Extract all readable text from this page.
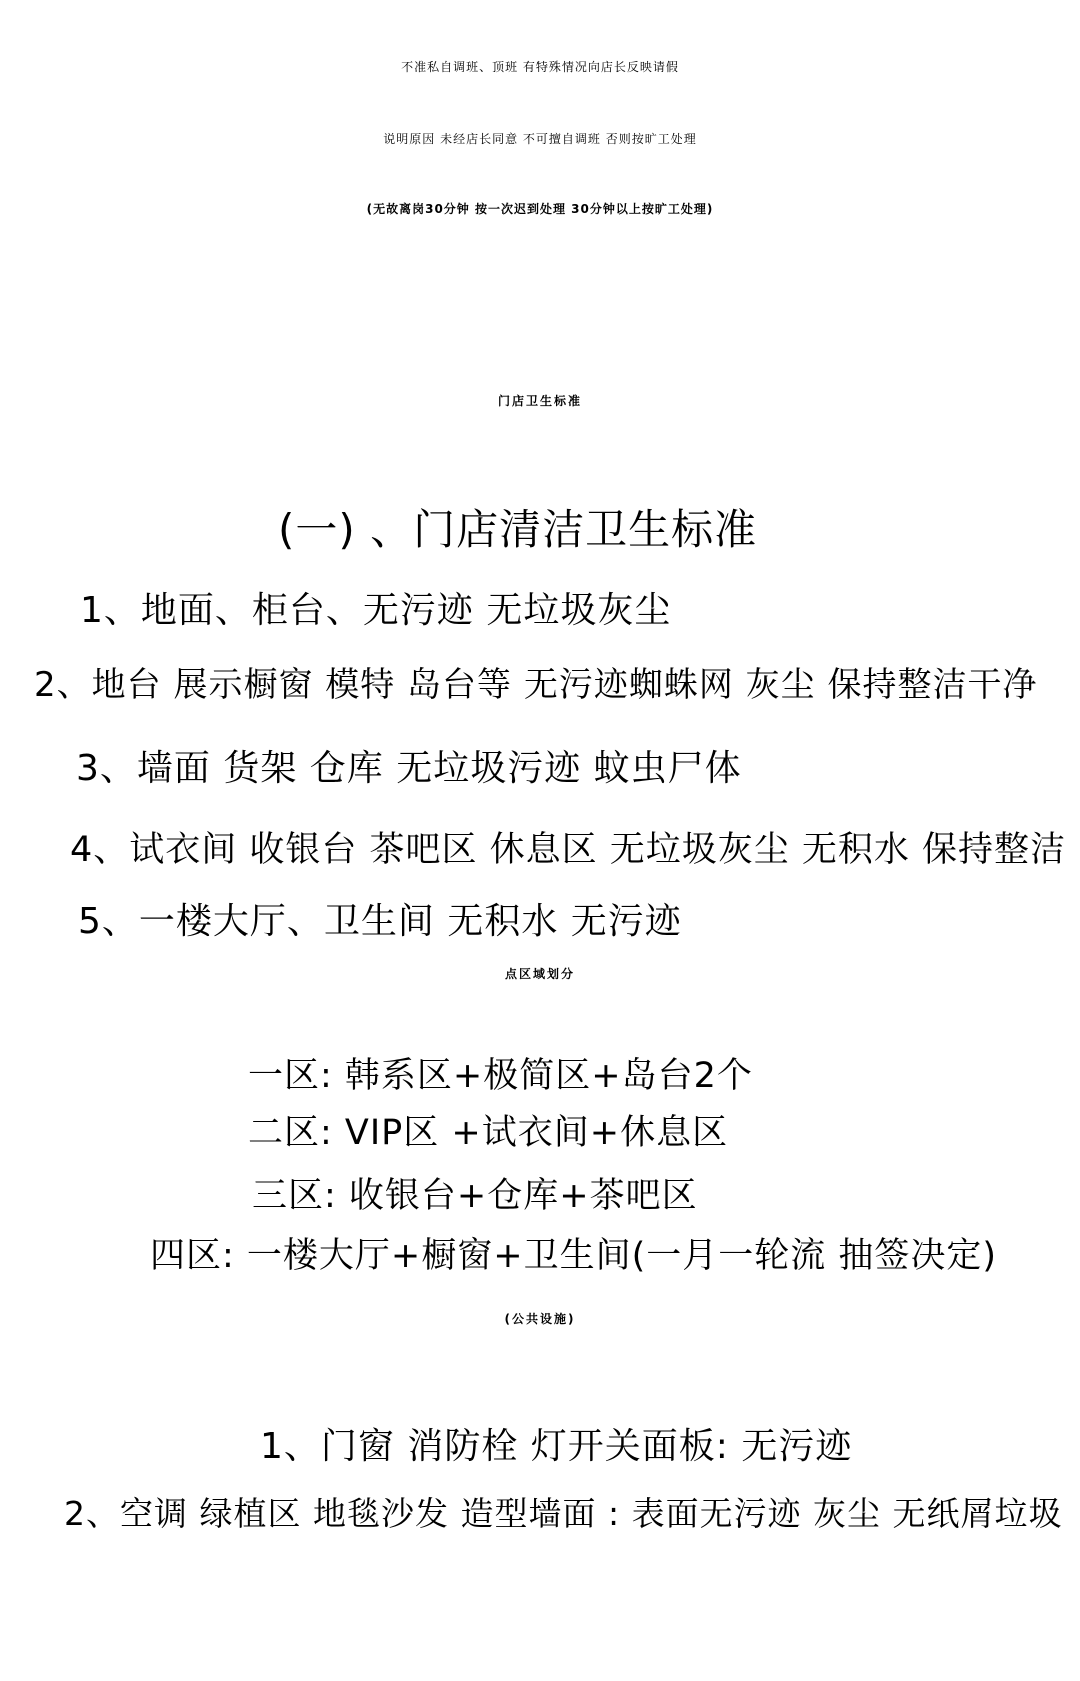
不准私自调班、顶班 有特殊情况向店长反映请假
说明原因 未经店长同意 不可擅自调班 否则按旷工处理
(无故离岗30分钟 按一次迟到处理 30分钟以上按旷工处理)
门店卫生标准
(一) 、门店清洁卫生标准
1、地面、柜台、无污迹 无垃圾灰尘
2、地台 展示橱窗 模特 岛台等 无污迹蜘蛛网 灰尘 保持整洁干净
3、墙面 货架 仓库 无垃圾污迹 蚊虫尸体
4、试衣间 收银台 茶吧区 休息区 无垃圾灰尘 无积水 保持整洁
5、一楼大厅、卫生间 无积水 无污迹
点区域划分
一区: 韩系区+极简区+岛台2个
二区: VIP区 +试衣间+休息区
三区: 收银台+仓库+茶吧区
四区: 一楼大厅+橱窗+卫生间(一月一轮流 抽签决定)
(公共设施)
1、门窗 消防栓 灯开关面板: 无污迹
2、空调 绿植区 地毯沙发 造型墙面 : 表面无污迹 灰尘 无纸屑垃圾
